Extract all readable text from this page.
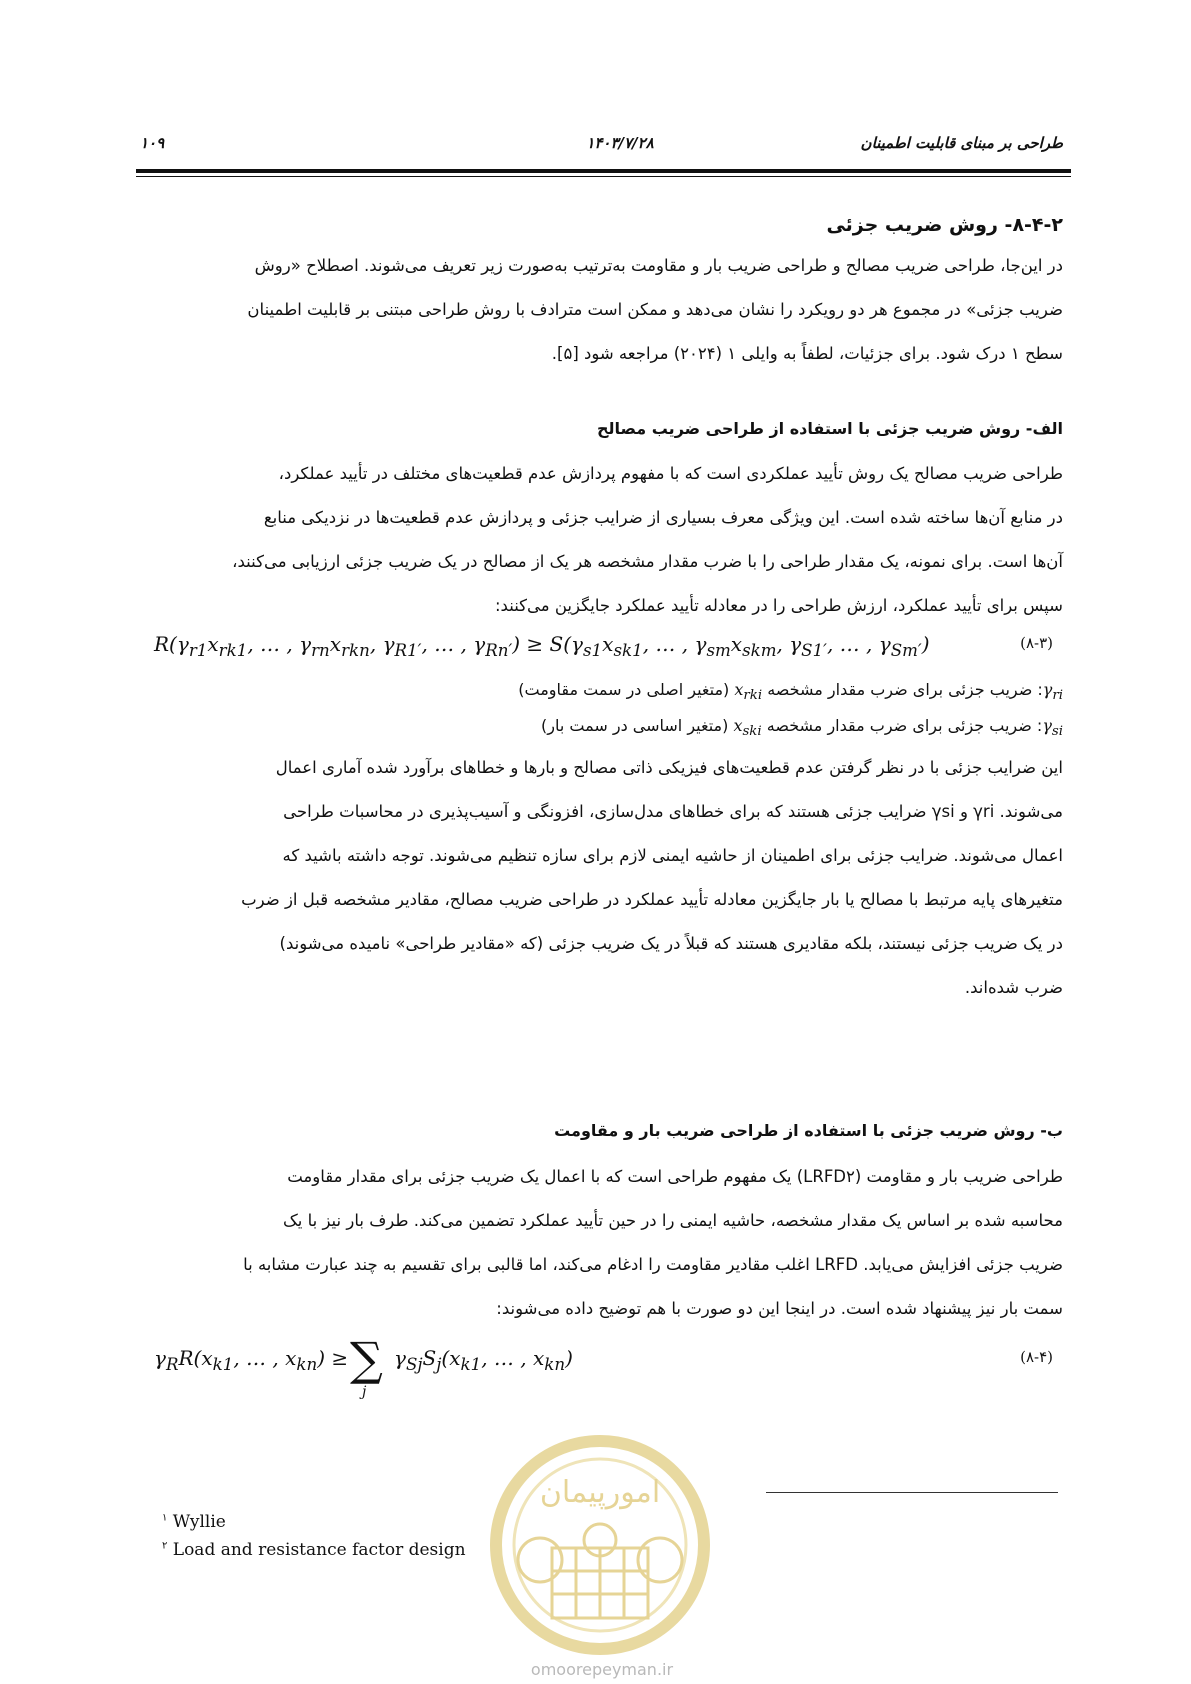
۱۰۹	۱۴۰۳/۷/۲۸	طراحی بر مبنای قابلیت اطمینان
۸-۴-۲- روش ضریب جزئی

در این‌جا، طراحی ضریب مصالح و طراحی ضریب بار و مقاومت به‌ترتیب به‌صورت زیر تعریف می‌شوند. اصطلاح «روش

ضریب جزئی» در مجموع هر دو رویکرد را نشان می‌دهد و ممکن است مترادف با روش طراحی مبتنی بر قابلیت اطمینان

سطح ۱ درک شود. برای جزئیات، لطفاً به وایلی ۱ (۲۰۲۴) مراجعه شود [۵].

الف- روش ضریب جزئی با استفاده از طراحی ضریب مصالح

طراحی ضریب مصالح یک روش تأیید عملکردی است که با مفهوم پردازش عدم قطعیت‌های مختلف در تأیید عملکرد،

در منابع آن‌ها ساخته شده است. این ویژگی معرف بسیاری از ضرایب جزئی و پردازش عدم قطعیت‌ها در نزدیکی منابع

آن‌ها است. برای نمونه، یک مقدار طراحی را با ضرب مقدار مشخصه هر یک از مصالح در یک ضریب جزئی ارزیابی می‌کنند،

سپس برای تأیید عملکرد، ارزش طراحی را در معادله تأیید عملکرد جایگزین می‌کنند:

$R(\gamma_{r1}x_{rk1}$, … , $\gamma_{rn}x_{rkn}$, $\gamma_{R1'}$, … , $\gamma_{Rn'}) \ge S(\gamma_{s1}x_{sk1}$, … , $\gamma_{sm}x_{skm}$, $\gamma_{S1'}$, … , $\gamma_{Sm'}$)	(۸-۳)
$\gamma_{ri}$: ضریب جزئی برای ضرب مقدار مشخصه $x_{rki}$ (متغیر اصلی در سمت مقاومت)
$\gamma_{si}$: ضریب جزئی برای ضرب مقدار مشخصه $x_{ski}$ (متغیر اساسی در سمت بار)

این ضرایب جزئی با در نظر گرفتن عدم قطعیت‌های فیزیکی ذاتی مصالح و بارها و خطاهای برآورد شده آماری اعمال

می‌شوند. γri و γsi ضرایب جزئی هستند که برای خطاهای مدل‌سازی، افزونگی و آسیب‌پذیری در محاسبات طراحی

اعمال می‌شوند. ضرایب جزئی برای اطمینان از حاشیه ایمنی لازم برای سازه تنظیم می‌شوند. توجه داشته باشید که

متغیرهای پایه مرتبط با مصالح یا بار جایگزین معادله تأیید عملکرد در طراحی ضریب مصالح، مقادیر مشخصه قبل از ضرب

در یک ضریب جزئی نیستند، بلکه مقادیری هستند که قبلاً در یک ضریب جزئی (که «مقادیر طراحی» نامیده می‌شوند)

ضرب شده‌اند.

ب- روش ضریب جزئی با استفاده از طراحی ضریب بار و مقاومت

طراحی ضریب بار و مقاومت (LRFD۲) یک مفهوم طراحی است که با اعمال یک ضریب جزئی برای مقدار مقاومت

محاسبه شده بر اساس یک مقدار مشخصه، حاشیه ایمنی را در حین تأیید عملکرد تضمین می‌کند. طرف بار نیز با یک

ضریب جزئی افزایش می‌یابد. LRFD اغلب مقادیر مقاومت را ادغام می‌کند، اما قالبی برای تقسیم به چند عبارت مشابه با

سمت بار نیز پیشنهاد شده است. در اینجا این دو صورت با هم توضیح داده می‌شوند:

$\gamma_RR(x_{k1}$, … , $x_{kn}$) ≥ ∑
j
$\gamma_{Sj}S_j(x_{k1}$, … , $x_{kn}$)	(۸-۴)
امورپیمان
omoorepeyman.ir
$^۱$ Wyllie
$^۲$ Load and resistance factor design
